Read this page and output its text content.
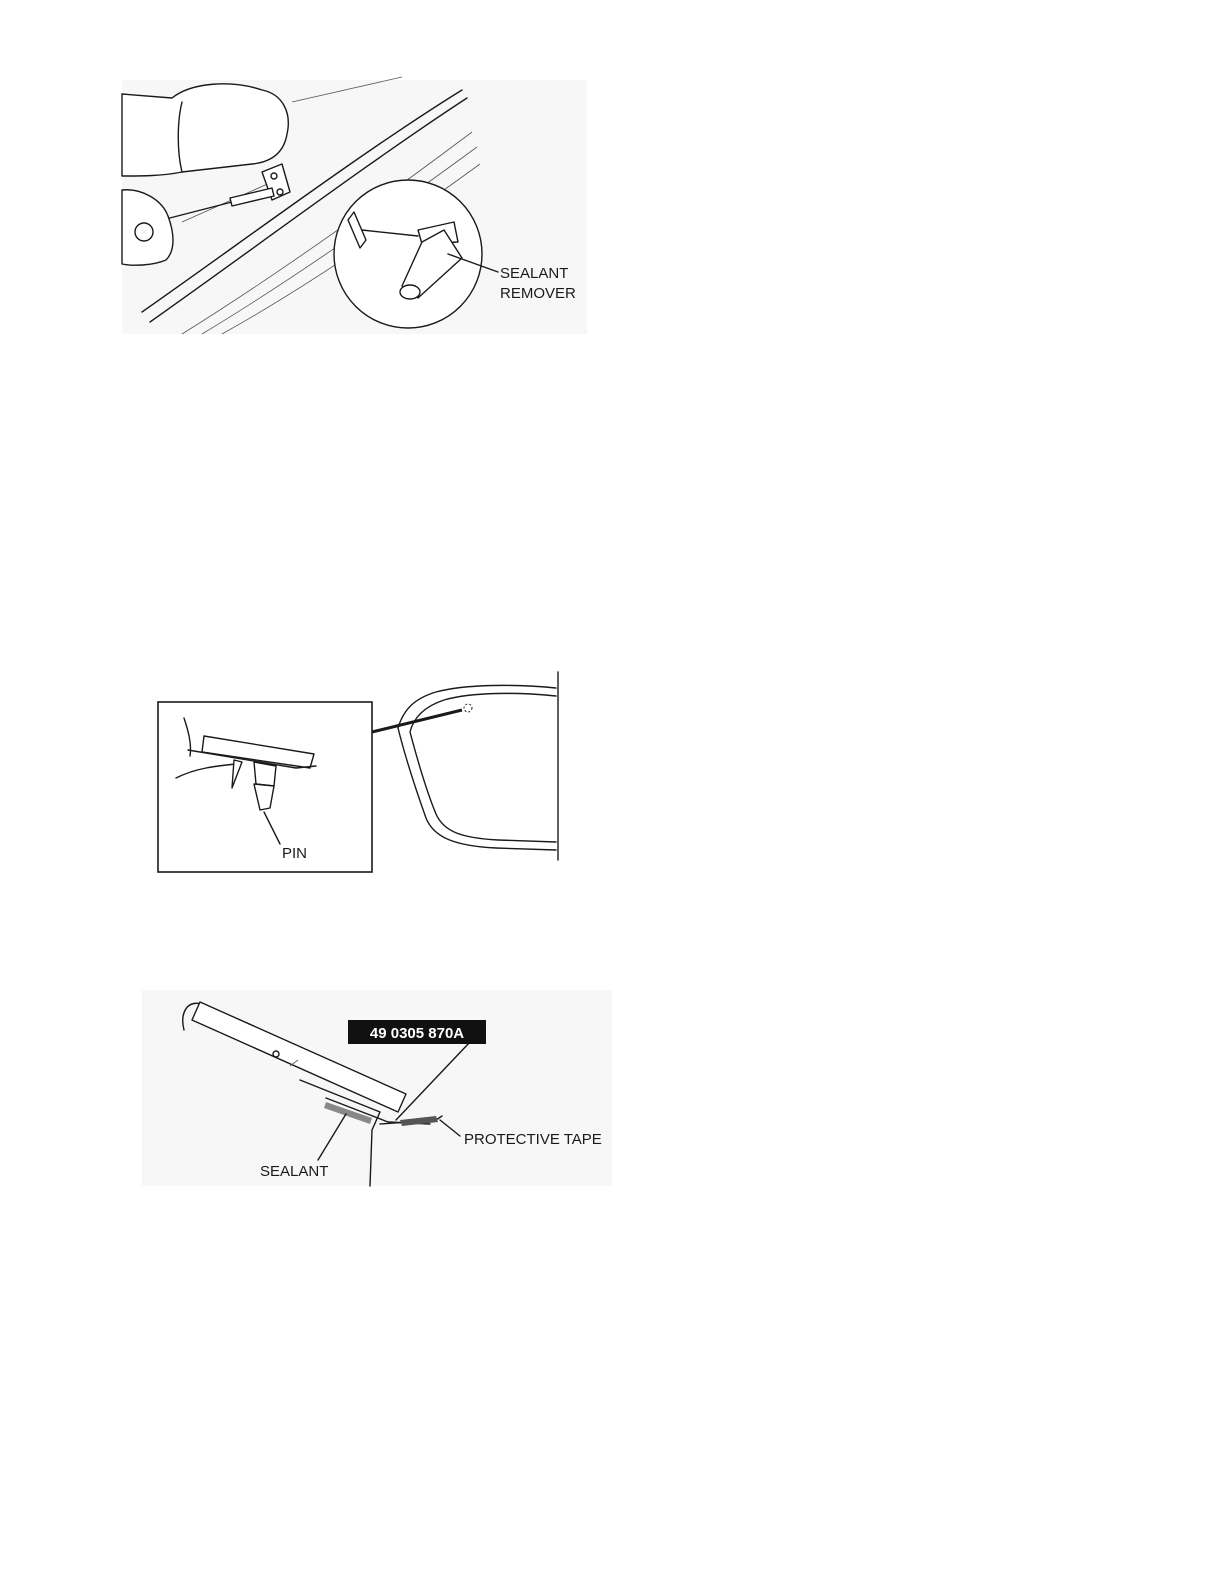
SEALANT
REMOVER
PIN
49 0305 870A
PROTECTIVE TAPE
SEALANT
